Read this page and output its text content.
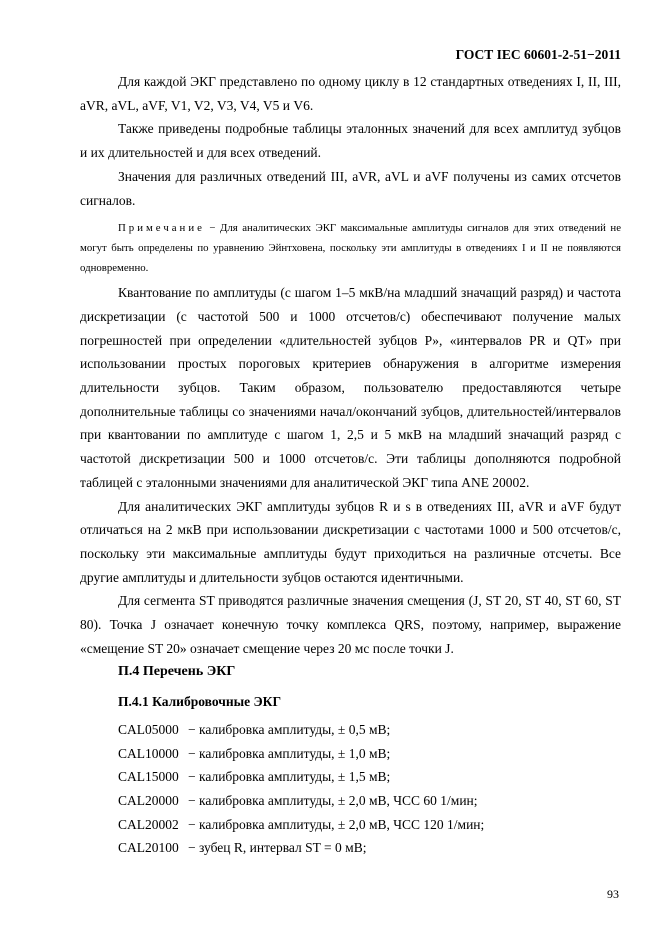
ГОСТ IEC 60601-2-51−2011

Для каждой ЭКГ представлено по одному циклу в 12 стандартных отведениях I, II, III, aVR, aVL, aVF, V1, V2, V3, V4, V5 и V6.

Также приведены подробные таблицы эталонных значений для всех амплитуд зубцов и их длительностей и для всех отведений.

Значения для различных отведений III, aVR, aVL и aVF получены из самих отсчетов сигналов.

Примечание − Для аналитических ЭКГ максимальные амплитуды сигналов для этих отведений не могут быть определены по уравнению Эйнтховена, поскольку эти амплитуды в отведениях I и II не появляются одновременно.

Квантование по амплитуды (с шагом 1–5 мкВ/на младший значащий разряд) и частота дискретизации (с частотой 500 и 1000 отсчетов/с) обеспечивают получение малых погрешностей при определении «длительностей зубцов P», «интервалов PR и QT» при использовании простых пороговых критериев обнаружения в алгоритме измерения длительности зубцов. Таким образом, пользователю предоставляются четыре дополнительные таблицы со значениями начал/окончаний зубцов, длительностей/интервалов при квантовании по амплитуде с шагом 1, 2,5 и 5 мкВ на младший значащий разряд с частотой дискретизации 500 и 1000 отсчетов/с. Эти таблицы дополняются подробной таблицей с эталонными значениями для аналитической ЭКГ типа ANE 20002.

Для аналитических ЭКГ амплитуды зубцов R и s в отведениях III, aVR и aVF будут отличаться на 2 мкВ при использовании дискретизации с частотами 1000 и 500 отсчетов/с, поскольку эти максимальные амплитуды будут приходиться на различные отсчеты. Все другие амплитуды и длительности зубцов остаются идентичными.

Для сегмента ST приводятся различные значения смещения (J, ST 20, ST 40, ST 60, ST 80). Точка J означает конечную точку комплекса QRS, поэтому, например, выражение «смещение ST 20» означает смещение через 20 мс после точки J.

П.4 Перечень ЭКГ
П.4.1 Калибровочные ЭКГ
CAL05000 − калибровка амплитуды, ± 0,5 мВ;
CAL10000 − калибровка амплитуды, ± 1,0 мВ;
CAL15000 − калибровка амплитуды, ± 1,5 мВ;
CAL20000 − калибровка амплитуды, ± 2,0 мВ, ЧСС 60 1/мин;
CAL20002 − калибровка амплитуды, ± 2,0 мВ, ЧСС 120 1/мин;
CAL20100 − зубец R, интервал ST = 0 мВ;
93
